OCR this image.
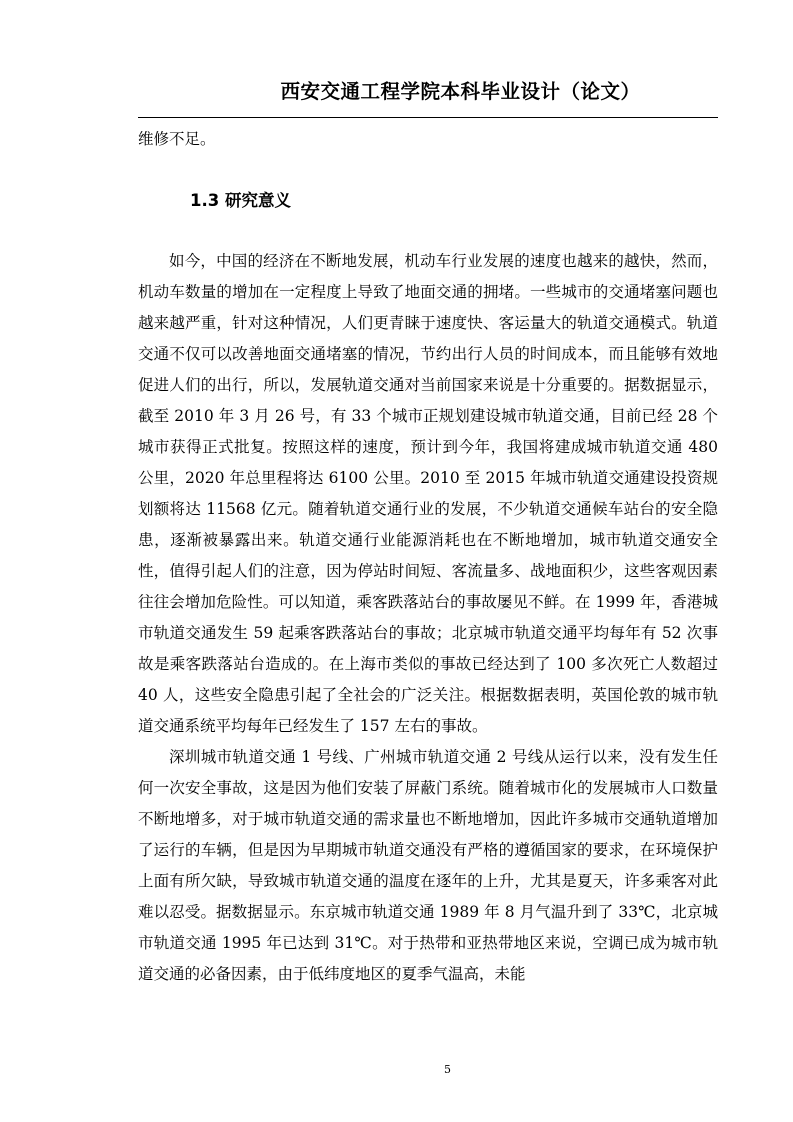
西安交通工程学院本科毕业设计（论文）

维修不足。

1.3 研究意义

如今，中国的经济在不断地发展，机动车行业发展的速度也越来的越快，然而，机动车数量的增加在一定程度上导致了地面交通的拥堵。一些城市的交通堵塞问题也越来越严重，针对这种情况，人们更青睐于速度快、客运量大的轨道交通模式。轨道交通不仅可以改善地面交通堵塞的情况，节约出行人员的时间成本，而且能够有效地促进人们的出行，所以，发展轨道交通对当前国家来说是十分重要的。据数据显示，截至 2010 年 3 月 26 号，有 33 个城市正规划建设城市轨道交通，目前已经 28 个城市获得正式批复。按照这样的速度，预计到今年，我国将建成城市轨道交通 480 公里，2020 年总里程将达 6100 公里。2010 至 2015 年城市轨道交通建设投资规划额将达 11568 亿元。随着轨道交通行业的发展，不少轨道交通候车站台的安全隐患，逐渐被暴露出来。轨道交通行业能源消耗也在不断地增加，城市轨道交通安全性，值得引起人们的注意，因为停站时间短、客流量多、战地面积少，这些客观因素往往会增加危险性。可以知道，乘客跌落站台的事故屡见不鲜。在 1999 年，香港城市轨道交通发生 59 起乘客跌落站台的事故；北京城市轨道交通平均每年有 52 次事故是乘客跌落站台造成的。在上海市类似的事故已经达到了 100 多次死亡人数超过 40 人，这些安全隐患引起了全社会的广泛关注。根据数据表明，英国伦敦的城市轨道交通系统平均每年已经发生了 157 左右的事故。

深圳城市轨道交通 1 号线、广州城市轨道交通 2 号线从运行以来，没有发生任何一次安全事故，这是因为他们安装了屏蔽门系统。随着城市化的发展城市人口数量不断地增多，对于城市轨道交通的需求量也不断地增加，因此许多城市交通轨道增加了运行的车辆，但是因为早期城市轨道交通没有严格的遵循国家的要求，在环境保护上面有所欠缺，导致城市轨道交通的温度在逐年的上升，尤其是夏天，许多乘客对此难以忍受。据数据显示。东京城市轨道交通 1989 年 8 月气温升到了 33℃，北京城市轨道交通 1995 年已达到 31℃。对于热带和亚热带地区来说，空调已成为城市轨道交通的必备因素，由于低纬度地区的夏季气温高，未能

5
